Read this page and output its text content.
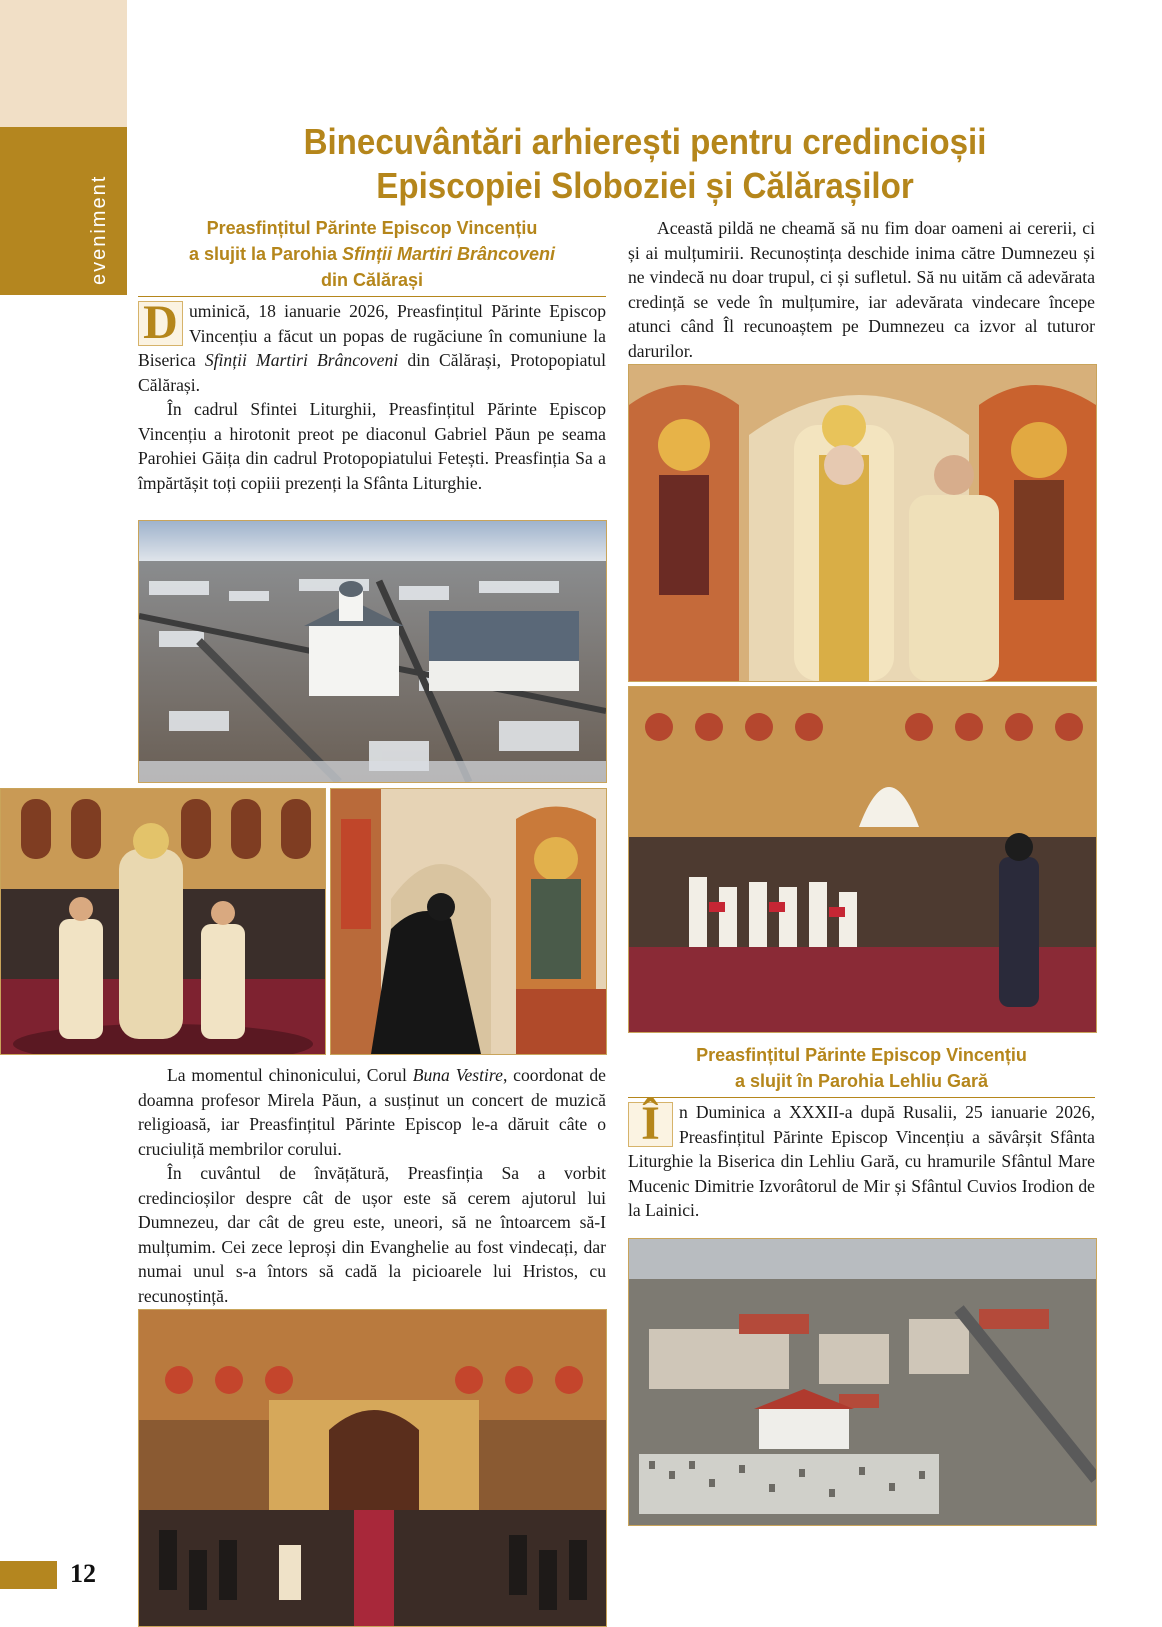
eveniment
Binecuvântări arhierești pentru credincioșii
Episcopiei Sloboziei și Călărașilor
Preasfințitul Părinte Episcop Vincențiu
a slujit la Parohia Sfinții Martiri Brâncoveni
din Călărași

D uminică, 18 ianuarie 2026, Preasfințitul Părinte Episcop Vincențiu a făcut un popas de rugăciune în comuniune la Biserica Sfinții Martiri Brâncoveni din Călărași, Protopopiatul Călărași.

În cadrul Sfintei Liturghii, Preasfințitul Părinte Episcop Vincențiu a hirotonit preot pe diaconul Gabriel Păun pe seama Parohiei Găița din cadrul Protopopiatului Fetești. Preasfinția Sa a împărtășit toți copiii prezenți la Sfânta Liturghie.

La momentul chinonicului, Corul Buna Vestire, coordonat de doamna profesor Mirela Păun, a susținut un concert de muzică religioasă, iar Preasfințitul Părinte Episcop le-a dăruit câte o cruciuliță membrilor corului.

În cuvântul de învățătură, Preasfinția Sa a vorbit credincioșilor despre cât de ușor este să cerem ajutorul lui Dumnezeu, dar cât de greu este, uneori, să ne întoarcem să-I mulțumim. Cei zece leproși din Evanghelie au fost vindecați, dar numai unul s-a întors să cadă la picioarele lui Hristos, cu recunoștință.

Această pildă ne cheamă să nu fim doar oameni ai cererii, ci și ai mulțumirii. Recunoștința deschide inima către Dumnezeu și ne vindecă nu doar trupul, ci și sufletul. Să nu uităm că adevărata credință se vede în mulțumire, iar adevărata vindecare începe atunci când Îl recunoaștem pe Dumnezeu ca izvor al tuturor darurilor.

Preasfințitul Părinte Episcop Vincențiu
a slujit în Parohia Lehliu Gară

Î	n Duminica a XXXII-a după Rusalii, 25 ianuarie 2026, Preasfințitul Părinte Episcop Vincențiu a săvârșit Sfânta Liturghie la Biserica din Lehliu Gară, cu hramurile Sfântul Mare Mucenic Dimitrie Izvorâtorul de Mir și Sfântul Cuvios Irodion de la Lainici.

12
